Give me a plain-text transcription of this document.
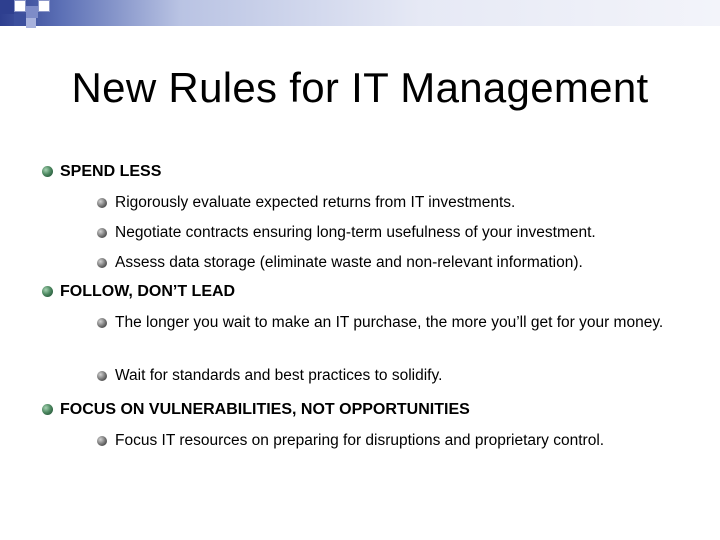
New Rules for IT Management
SPEND LESS
Rigorously evaluate expected returns from IT investments.
Negotiate contracts ensuring long-term usefulness of your investment.
Assess data storage (eliminate waste and non-relevant information).
FOLLOW, DON’T LEAD
The longer you wait to make an IT purchase, the more you’ll get for your money.
Wait for standards and best practices to solidify.
FOCUS ON VULNERABILITIES, NOT OPPORTUNITIES
Focus IT resources on preparing for disruptions and proprietary control.
